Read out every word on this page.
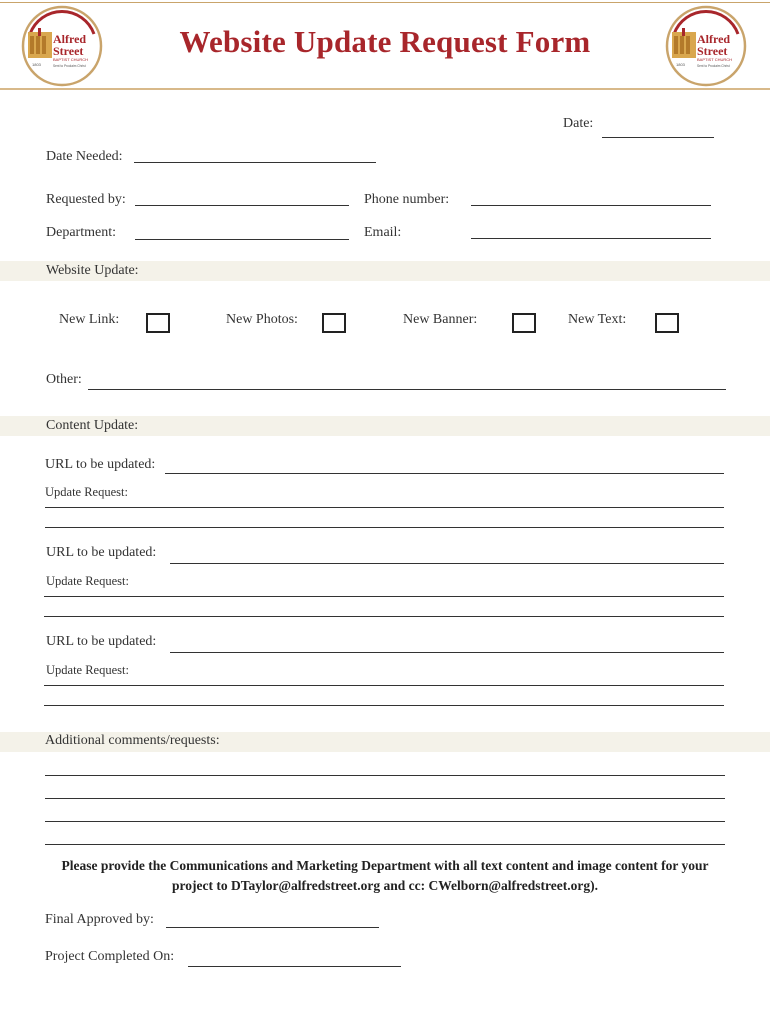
Alfred
Street
BAPTIST CHURCH
Sent to Proclaim Christ
1803
Website Update Request Form	Alfred
Street
BAPTIST CHURCH
Sent to Proclaim Christ
1803
Date:
Date Needed:
Requested by:	Phone number:
Department:	Email:
Website Update:
New Link:	New Photos:	New Banner:	New Text:
Other:
Content Update:
URL to be updated:
Update Request:
URL to be updated:
Update Request:
URL to be updated:
Update Request:
Additional comments/requests:
Please provide the Communications and Marketing Department with all text content and image content for your project to DTaylor@alfredstreet.org and cc: CWelborn@alfredstreet.org).
Final Approved by:
Project Completed On:
